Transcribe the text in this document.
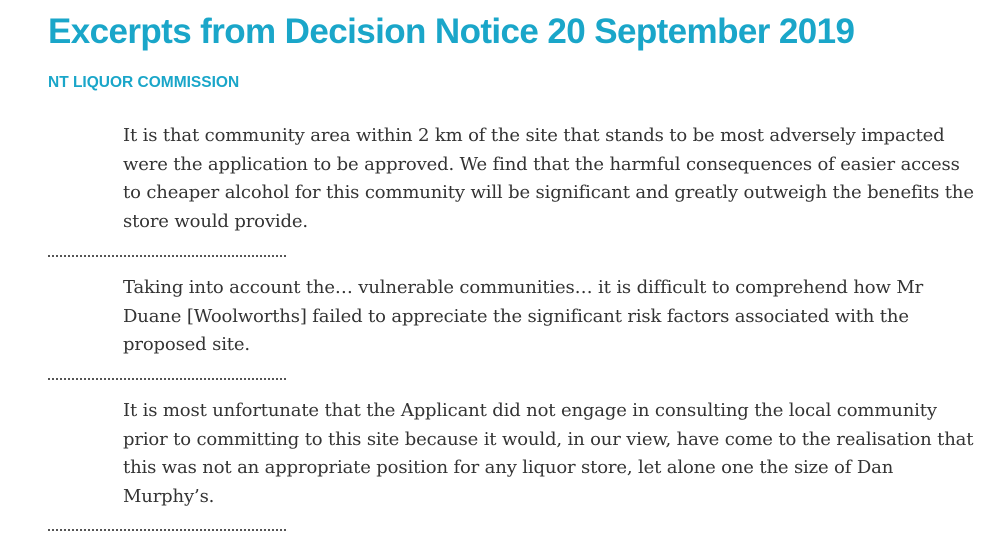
Excerpts from Decision Notice 20 September 2019
NT LIQUOR COMMISSION

It is that community area within 2 km of the site that stands to be most adversely impacted were the application to be approved. We find that the harmful consequences of easier access to cheaper alcohol for this community will be significant and greatly outweigh the benefits the store would provide.

Taking into account the… vulnerable communities… it is difficult to comprehend how Mr Duane [Woolworths] failed to appreciate the significant risk factors associated with the proposed site.

It is most unfortunate that the Applicant did not engage in consulting the local community prior to committing to this site because it would, in our view, have come to the realisation that this was not an appropriate position for any liquor store, let alone one the size of Dan Murphy’s.
